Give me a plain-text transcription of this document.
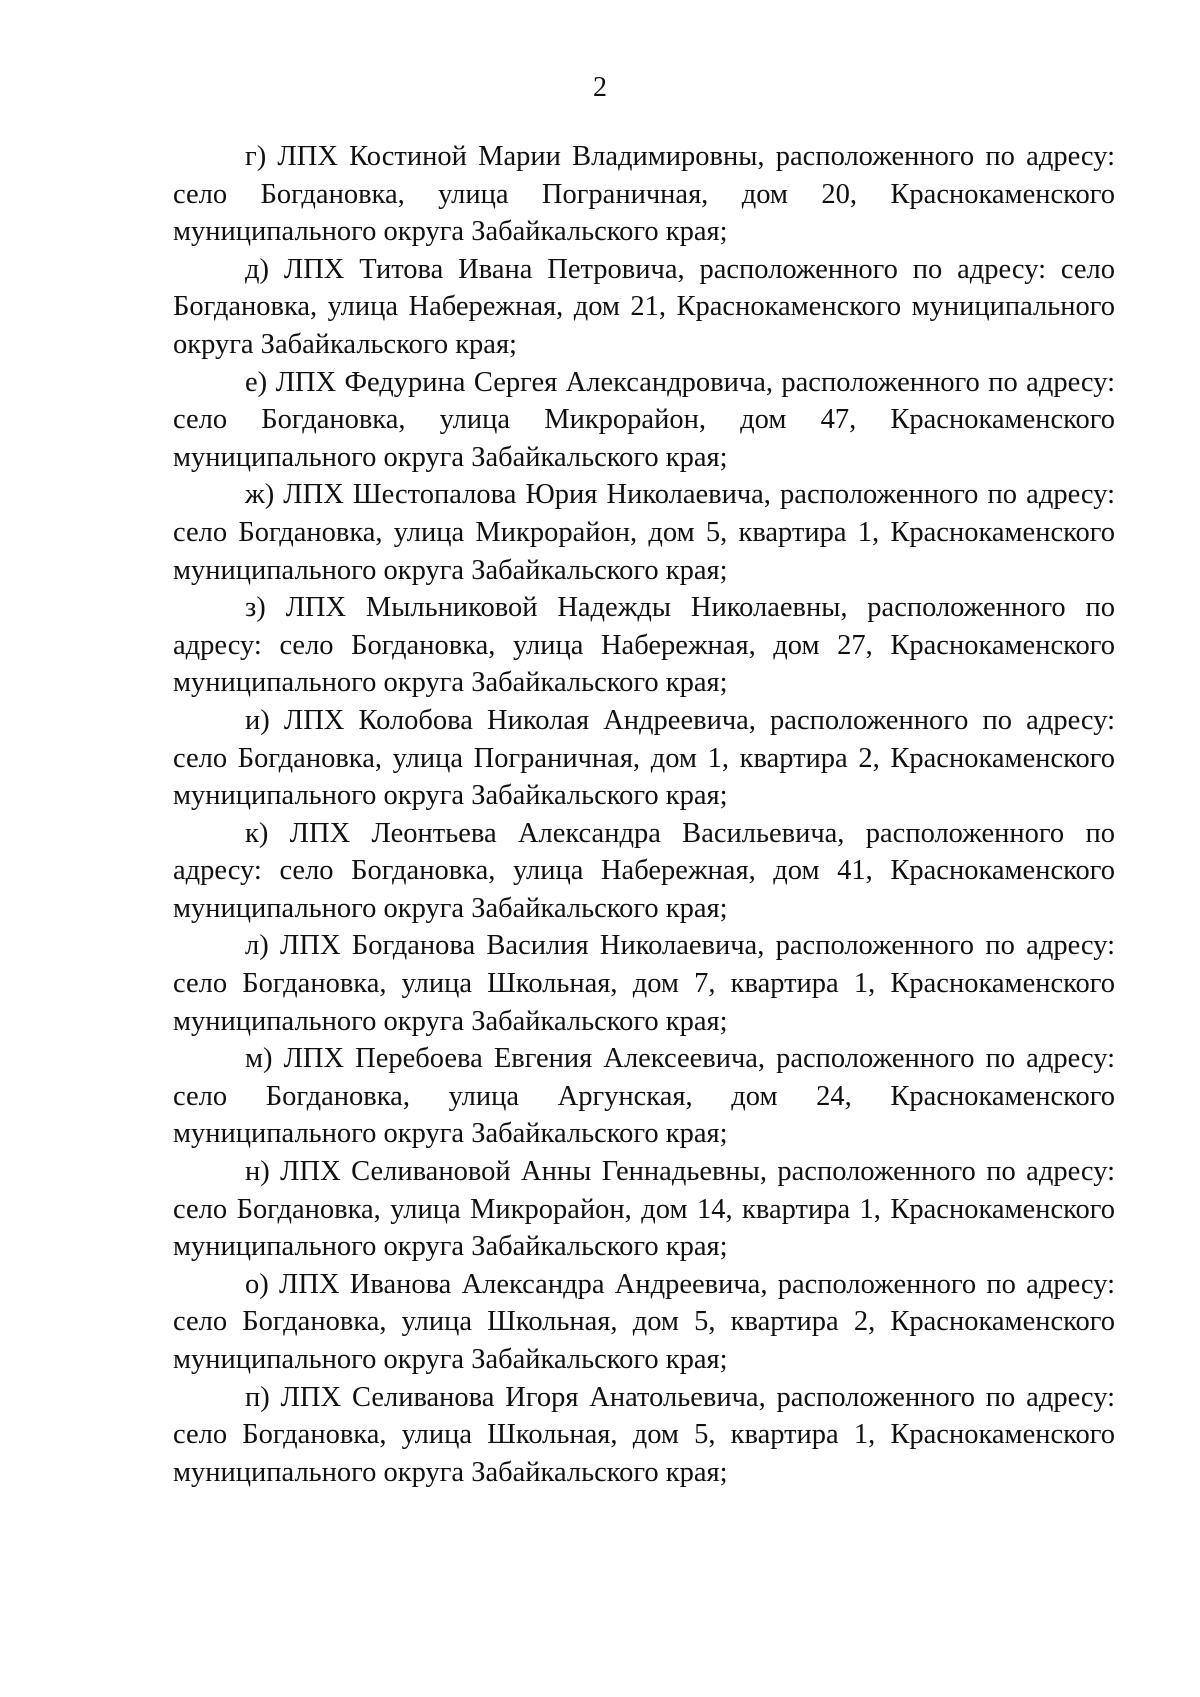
2

г) ЛПХ Костиной Марии Владимировны, расположенного по адресу: село Богдановка, улица Пограничная, дом 20, Краснокаменского муниципального округа Забайкальского края;

д) ЛПХ Титова Ивана Петровича, расположенного по адресу: село Богдановка, улица Набережная, дом 21, Краснокаменского муниципального округа Забайкальского края;

е) ЛПХ Федурина Сергея Александровича, расположенного по адресу: село Богдановка, улица Микрорайон, дом 47, Краснокаменского муниципального округа Забайкальского края;

ж) ЛПХ Шестопалова Юрия Николаевича, расположенного по адресу: село Богдановка, улица Микрорайон, дом 5, квартира 1, Краснокаменского муниципального округа Забайкальского края;

з) ЛПХ Мыльниковой Надежды Николаевны, расположенного по адресу: село Богдановка, улица Набережная, дом 27, Краснокаменского муниципального округа Забайкальского края;

и) ЛПХ Колобова Николая Андреевича, расположенного по адресу: село Богдановка, улица Пограничная, дом 1, квартира 2, Краснокаменского муниципального округа Забайкальского края;

к) ЛПХ Леонтьева Александра Васильевича, расположенного по адресу: село Богдановка, улица Набережная, дом 41, Краснокаменского муниципального округа Забайкальского края;

л) ЛПХ Богданова Василия Николаевича, расположенного по адресу: село Богдановка, улица Школьная, дом 7, квартира 1, Краснокаменского муниципального округа Забайкальского края;

м) ЛПХ Перебоева Евгения Алексеевича, расположенного по адресу: село Богдановка, улица Аргунская, дом 24, Краснокаменского муниципального округа Забайкальского края;

н) ЛПХ Селивановой Анны Геннадьевны, расположенного по адресу: село Богдановка, улица Микрорайон, дом 14, квартира 1, Краснокаменского муниципального округа Забайкальского края;

о) ЛПХ Иванова Александра Андреевича, расположенного по адресу: село Богдановка, улица Школьная, дом 5, квартира 2, Краснокаменского муниципального округа Забайкальского края;

п) ЛПХ Селиванова Игоря Анатольевича, расположенного по адресу: село Богдановка, улица Школьная, дом 5, квартира 1, Краснокаменского муниципального округа Забайкальского края;
